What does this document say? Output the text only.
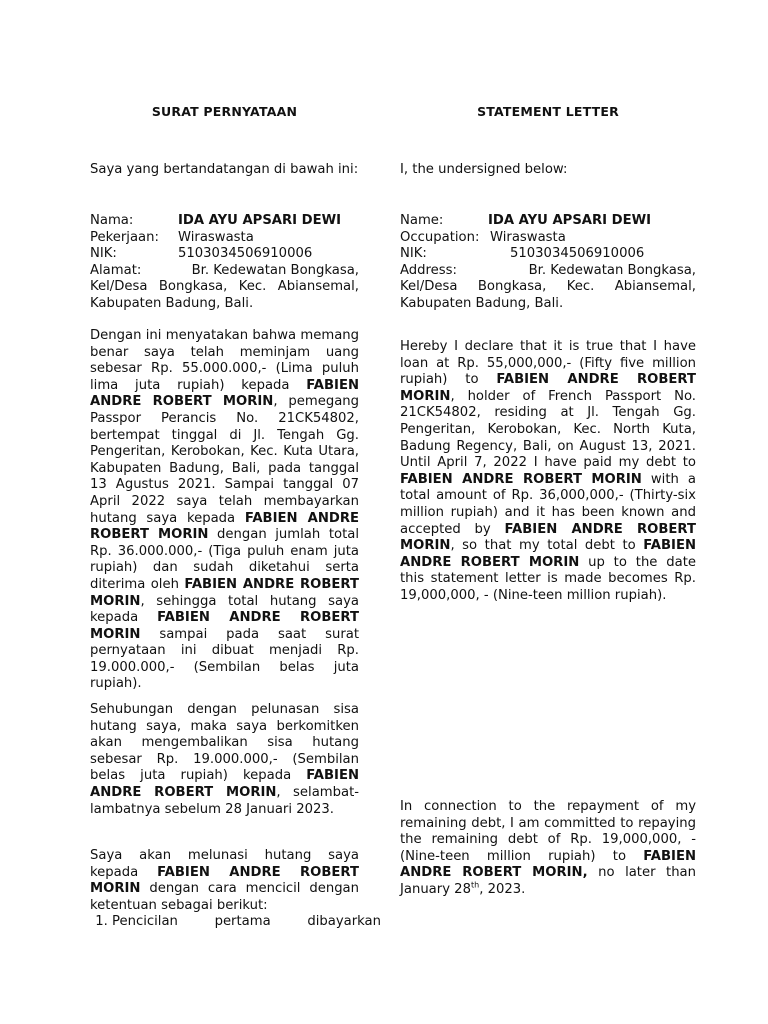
SURAT PERNYATAAN
Saya yang bertandatangan di bawah ini:
Nama:	IDA AYU APSARI DEWI
Pekerjaan:	Wiraswasta
NIK:	5103034506910006
Alamat:	Br. Kedewatan Bongkasa,
Kel/Desa Bongkasa, Kec. Abiansemal, Kabupaten Badung, Bali.
Dengan ini menyatakan bahwa memang benar saya telah meminjam uang sebesar Rp. 55.000.000,- (Lima puluh lima juta rupiah) kepada FABIEN ANDRE ROBERT MORIN, pemegang Passpor Perancis No. 21CK54802, bertempat tinggal di Jl. Tengah Gg. Pengeritan, Kerobokan, Kec. Kuta Utara, Kabupaten Badung, Bali, pada tanggal 13 Agustus 2021. Sampai tanggal 07 April 2022 saya telah membayarkan hutang saya kepada FABIEN ANDRE ROBERT MORIN dengan jumlah total Rp. 36.000.000,- (Tiga puluh enam juta rupiah) dan sudah diketahui serta diterima oleh FABIEN ANDRE ROBERT MORIN, sehingga total hutang saya kepada FABIEN ANDRE ROBERT MORIN sampai pada saat surat pernyataan ini dibuat menjadi Rp. 19.000.000,- (Sembilan belas juta rupiah).
Sehubungan dengan pelunasan sisa hutang saya, maka saya berkomitken akan mengembalikan sisa hutang sebesar Rp. 19.000.000,- (Sembilan belas juta rupiah) kepada FABIEN ANDRE ROBERT MORIN, selambat-lambatnya sebelum 28 Januari 2023.
Saya akan melunasi hutang saya kepada FABIEN ANDRE ROBERT MORIN dengan cara mencicil dengan ketentuan sebagai berikut:
1. Pencicilan pertama dibayarkan
STATEMENT LETTER
I, the undersigned below:
Name:	IDA AYU APSARI DEWI
Occupation: Wiraswasta
NIK:	5103034506910006
Address:	Br. Kedewatan Bongkasa,
Kel/Desa Bongkasa, Kec. Abiansemal, Kabupaten Badung, Bali.
Hereby I declare that it is true that I have loan at Rp. 55,000,000,- (Fifty five million rupiah) to FABIEN ANDRE ROBERT MORIN, holder of French Passport No. 21CK54802, residing at Jl. Tengah Gg. Pengeritan, Kerobokan, Kec. North Kuta, Badung Regency, Bali, on August 13, 2021. Until April 7, 2022 I have paid my debt to FABIEN ANDRE ROBERT MORIN with a total amount of Rp. 36,000,000,- (Thirty-six million rupiah) and it has been known and accepted by FABIEN ANDRE ROBERT MORIN, so that my total debt to FABIEN ANDRE ROBERT MORIN up to the date this statement letter is made becomes Rp. 19,000,000, - (Nine-teen million rupiah).
In connection to the repayment of my remaining debt, I am committed to repaying the remaining debt of Rp. 19,000,000, - (Nine-teen million rupiah) to FABIEN ANDRE ROBERT MORIN, no later than January 28th, 2023.
